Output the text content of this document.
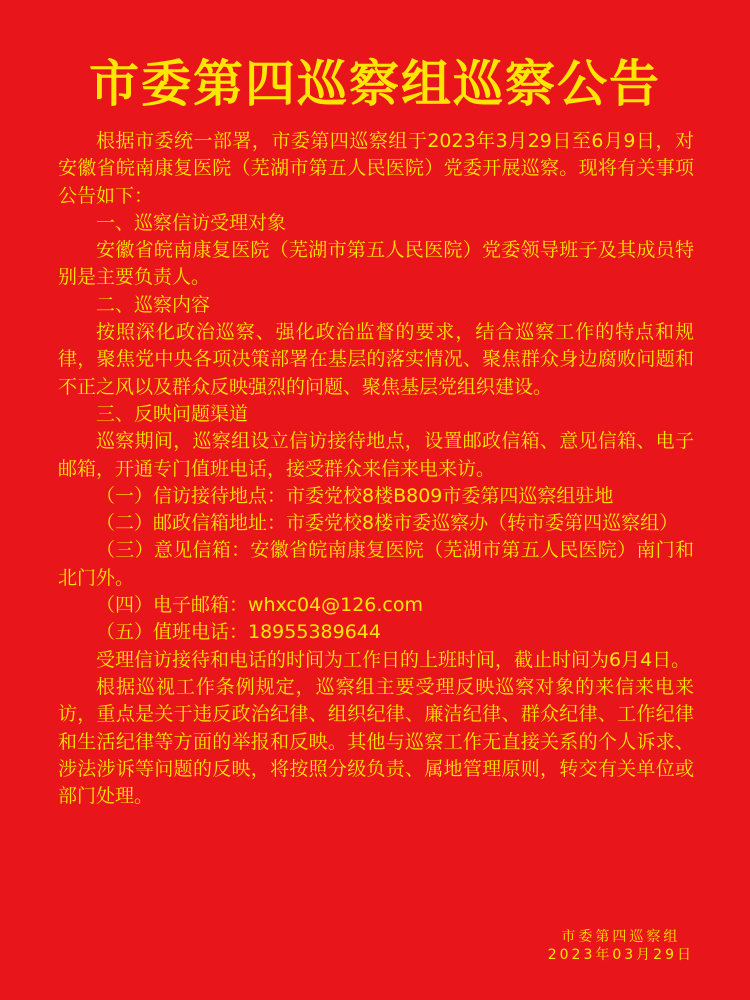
市委第四巡察组巡察公告

根据市委统一部署，市委第四巡察组于2023年3月29日至6月9日，对安徽省皖南康复医院（芜湖市第五人民医院）党委开展巡察。现将有关事项公告如下：

一、巡察信访受理对象

安徽省皖南康复医院（芜湖市第五人民医院）党委领导班子及其成员特别是主要负责人。

二、巡察内容

按照深化政治巡察、强化政治监督的要求，结合巡察工作的特点和规律，聚焦党中央各项决策部署在基层的落实情况、聚焦群众身边腐败问题和不正之风以及群众反映强烈的问题、聚焦基层党组织建设。

三、反映问题渠道

巡察期间，巡察组设立信访接待地点，设置邮政信箱、意见信箱、电子邮箱，开通专门值班电话，接受群众来信来电来访。

（一）信访接待地点：市委党校8楼B809市委第四巡察组驻地

（二）邮政信箱地址：市委党校8楼市委巡察办（转市委第四巡察组）

（三）意见信箱：安徽省皖南康复医院（芜湖市第五人民医院）南门和北门外。

（四）电子邮箱：whxc04@126.com

（五）值班电话：18955389644

受理信访接待和电话的时间为工作日的上班时间，截止时间为6月4日。

根据巡视工作条例规定，巡察组主要受理反映巡察对象的来信来电来访，重点是关于违反政治纪律、组织纪律、廉洁纪律、群众纪律、工作纪律和生活纪律等方面的举报和反映。其他与巡察工作无直接关系的个人诉求、涉法涉诉等问题的反映，将按照分级负责、属地管理原则，转交有关单位或部门处理。

市委第四巡察组
2023年03月29日
